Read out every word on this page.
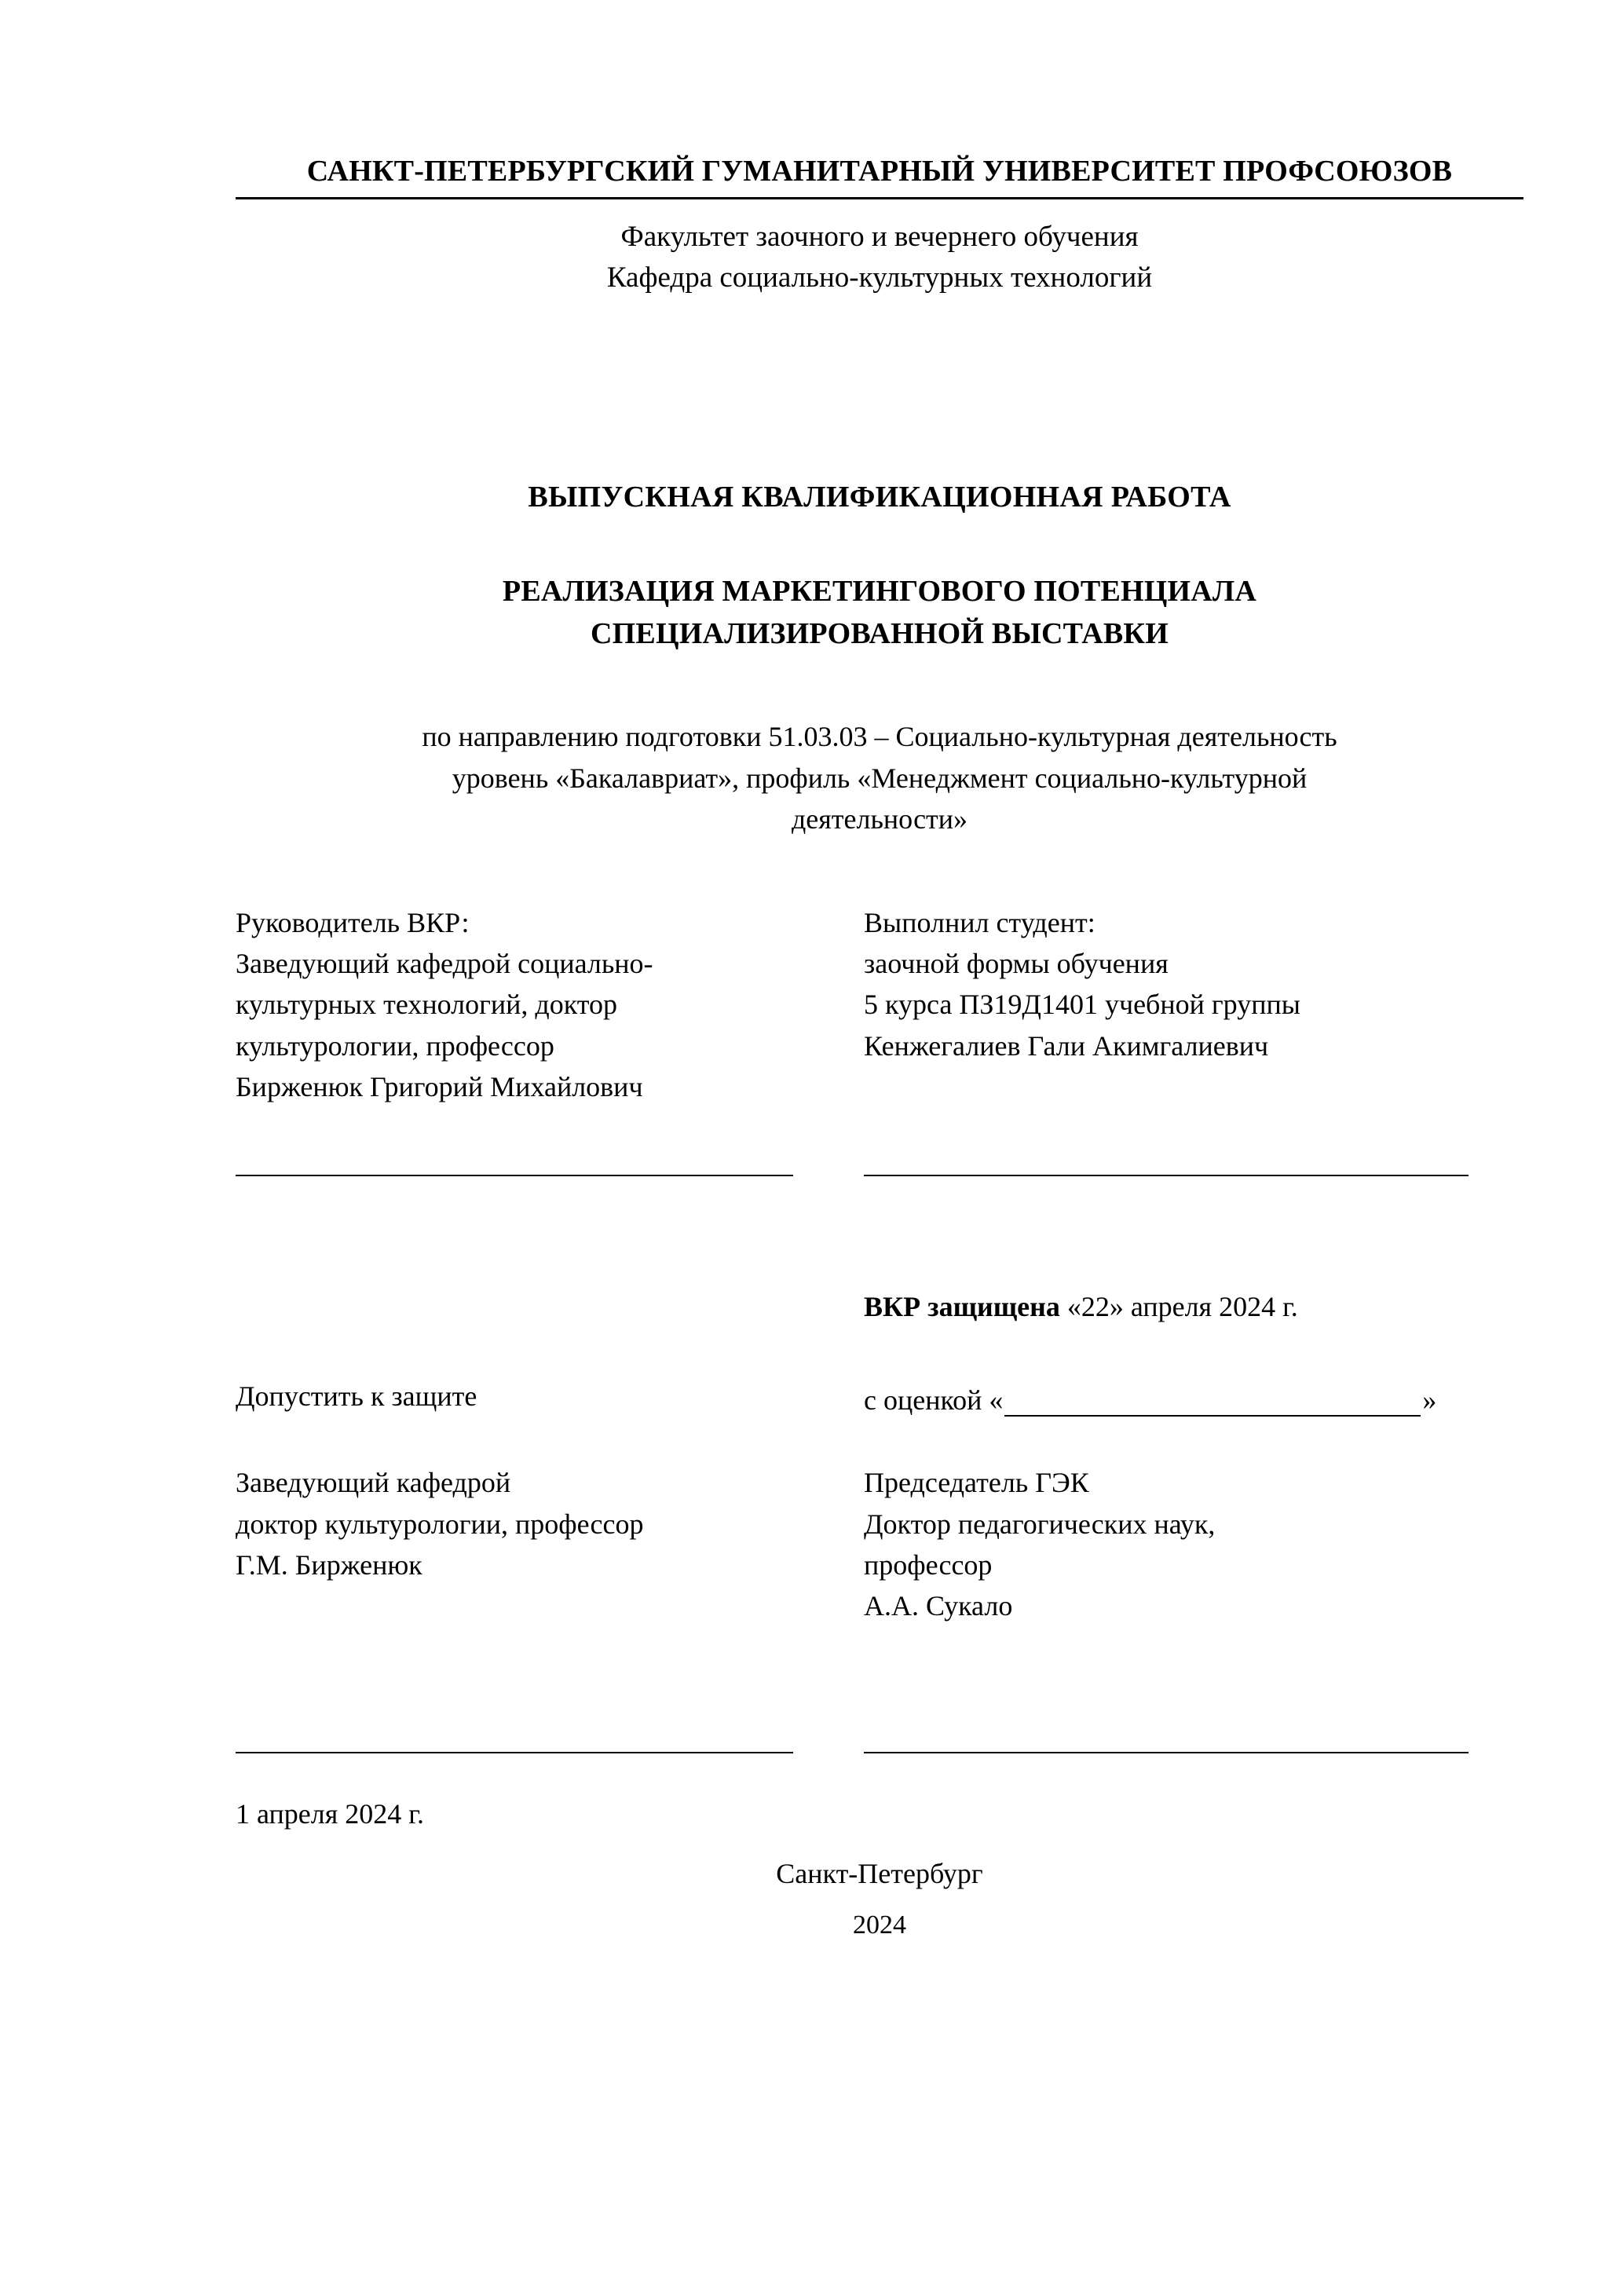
САНКТ-ПЕТЕРБУРГСКИЙ ГУМАНИТАРНЫЙ УНИВЕРСИТЕТ ПРОФСОЮЗОВ
Факультет заочного и вечернего обучения
Кафедра социально-культурных технологий
ВЫПУСКНАЯ КВАЛИФИКАЦИОННАЯ РАБОТА
РЕАЛИЗАЦИЯ МАРКЕТИНГОВОГО ПОТЕНЦИАЛА
СПЕЦИАЛИЗИРОВАННОЙ ВЫСТАВКИ
по направлению подготовки 51.03.03 – Социально-культурная деятельность
уровень «Бакалавриат», профиль «Менеджмент социально-культурной
деятельности»

Руководитель ВКР:

Заведующий кафедрой социально-

культурных технологий, доктор

культурологии, профессор

Бирженюк Григорий Михайлович

Выполнил студент:

заочной формы обучения

5 курса ПЗ19Д1401 учебной группы

Кенжегалиев Гали Акимгалиевич

ВКР защищена «22» апреля 2024 г.

Допустить к защите	с оценкой «	»

Заведующий кафедрой

доктор культурологии, профессор

Г.М. Бирженюк

Председатель ГЭК

Доктор педагогических наук,

профессор

А.А. Сукало

1 апреля 2024 г.
Санкт-Петербург
2024
